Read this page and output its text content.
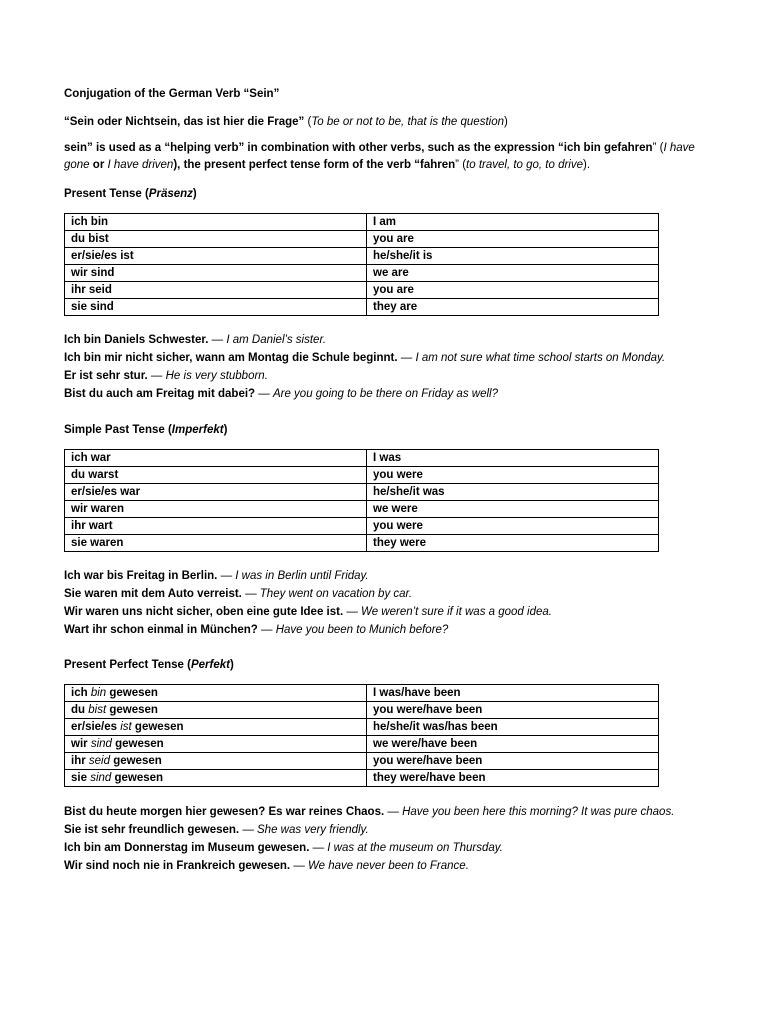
Conjugation of the German Verb “Sein”
“Sein oder Nichtsein, das ist hier die Frage” (To be or not to be, that is the question)
sein” is used as a “helping verb” in combination with other verbs, such as the expression “ich bin gefahren” (I have gone or I have driven), the present perfect tense form of the verb “fahren” (to travel, to go, to drive).
Present Tense (Präsenz)
ich bin	I am
du bist	you are
er/sie/es ist	he/she/it is
wir sind	we are
ihr seid	you are
sie sind	they are
Ich bin Daniels Schwester. — I am Daniel’s sister.
Ich bin mir nicht sicher, wann am Montag die Schule beginnt. — I am not sure what time school starts on Monday.
Er ist sehr stur. — He is very stubborn.
Bist du auch am Freitag mit dabei? — Are you going to be there on Friday as well?
Simple Past Tense (Imperfekt)
ich war	I was
du warst	you were
er/sie/es war	he/she/it was
wir waren	we were
ihr wart	you were
sie waren	they were
Ich war bis Freitag in Berlin. — I was in Berlin until Friday.
Sie waren mit dem Auto verreist. — They went on vacation by car.
Wir waren uns nicht sicher, oben eine gute Idee ist. — We weren’t sure if it was a good idea.
Wart ihr schon einmal in München? — Have you been to Munich before?
Present Perfect Tense (Perfekt)
ich bin gewesen	I was/have been
du bist gewesen	you were/have been
er/sie/es ist gewesen	he/she/it was/has been
wir sind gewesen	we were/have been
ihr seid gewesen	you were/have been
sie sind gewesen	they were/have been
Bist du heute morgen hier gewesen? Es war reines Chaos. — Have you been here this morning? It was pure chaos.
Sie ist sehr freundlich gewesen. — She was very friendly.
Ich bin am Donnerstag im Museum gewesen. — I was at the museum on Thursday.
Wir sind noch nie in Frankreich gewesen. — We have never been to France.
